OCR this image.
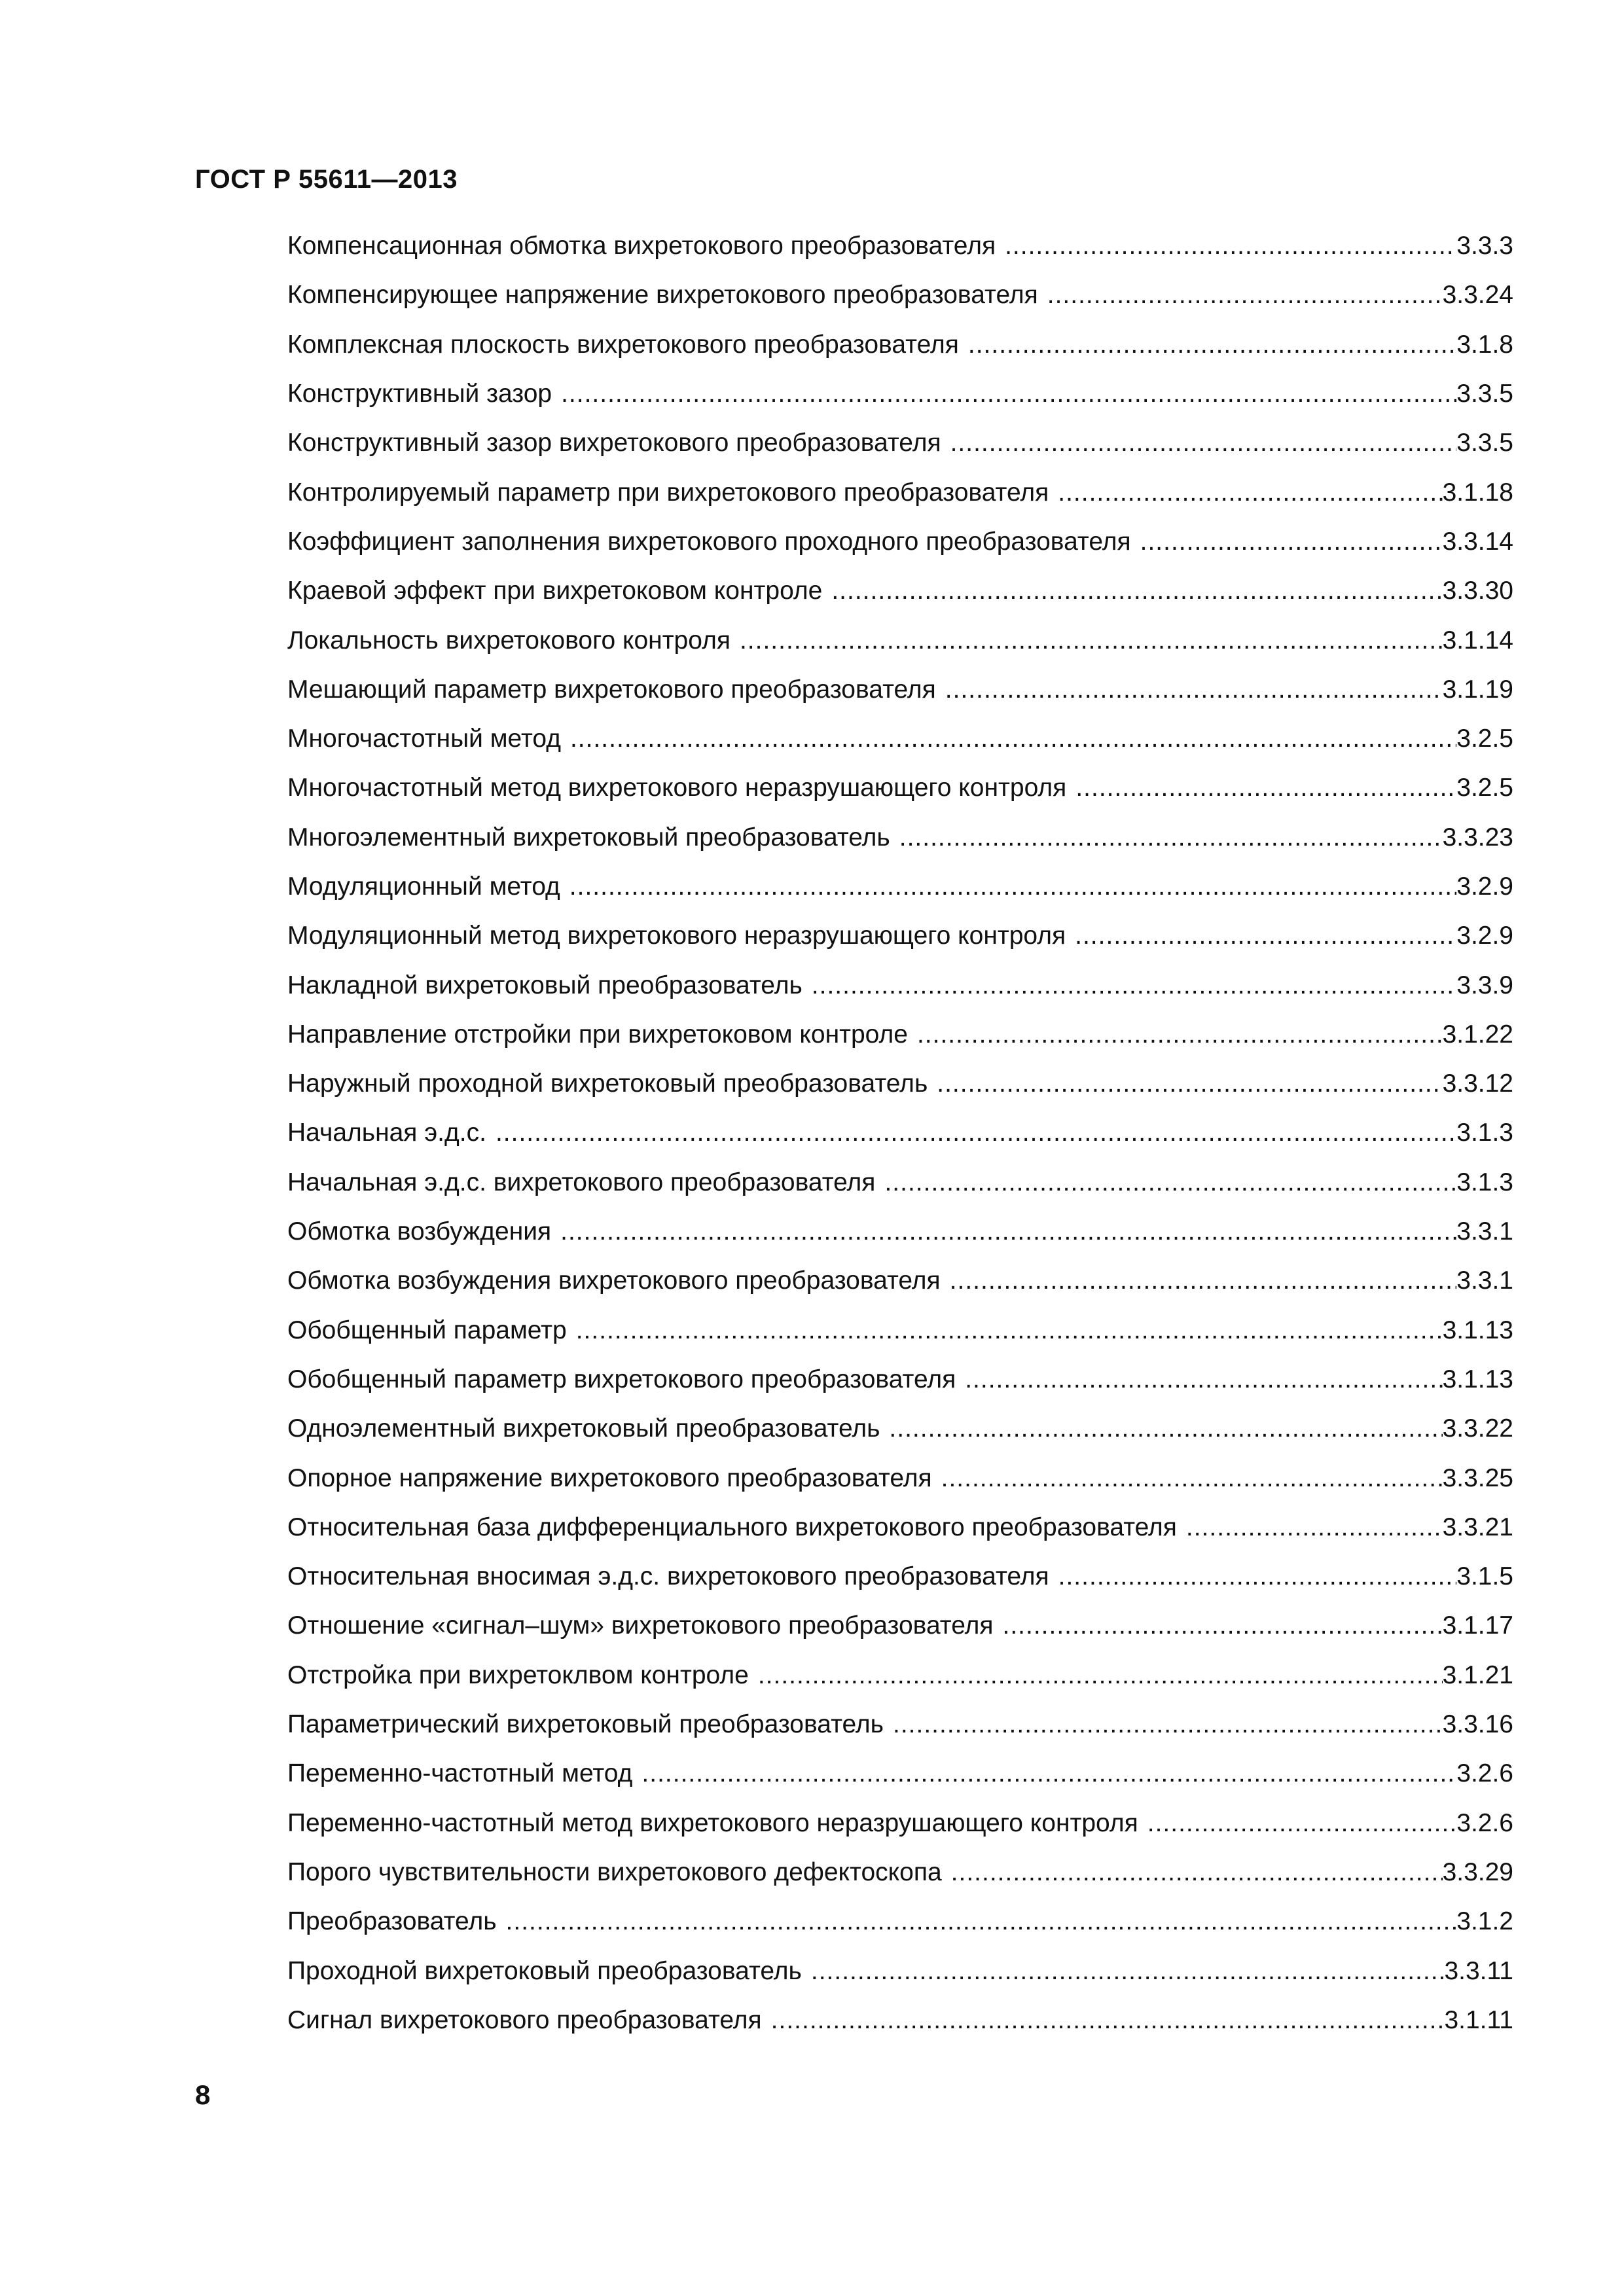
ГОСТ Р 55611—2013
Компенсационная обмотка вихретокового преобразователя .....	3.3.3
Компенсирующее напряжение вихретокового преобразователя .....	3.3.24
Комплексная плоскость вихретокового преобразователя .....	3.1.8
Конструктивный зазор .....	3.3.5
Конструктивный зазор вихретокового преобразователя .....	3.3.5
Контролируемый параметр при вихретокового преобразователя .....	3.1.18
Коэффициент заполнения вихретокового проходного преобразователя .....	3.3.14
Краевой эффект при вихретоковом контроле .....	3.3.30
Локальность вихретокового контроля .....	3.1.14
Мешающий параметр вихретокового преобразователя .....	3.1.19
Многочастотный метод .....	3.2.5
Многочастотный метод вихретокового неразрушающего контроля .....	3.2.5
Многоэлементный вихретоковый преобразователь .....	3.3.23
Модуляционный метод .....	3.2.9
Модуляционный метод вихретокового неразрушающего контроля .....	3.2.9
Накладной вихретоковый преобразователь .....	3.3.9
Направление отстройки при вихретоковом контроле .....	3.1.22
Наружный проходной вихретоковый преобразователь .....	3.3.12
Начальная э.д.с. .....	3.1.3
Начальная э.д.с. вихретокового преобразователя .....	3.1.3
Обмотка возбуждения .....	3.3.1
Обмотка возбуждения вихретокового преобразователя .....	3.3.1
Обобщенный параметр .....	3.1.13
Обобщенный параметр вихретокового преобразователя .....	3.1.13
Одноэлементный вихретоковый преобразователь .....	3.3.22
Опорное напряжение вихретокового преобразователя .....	3.3.25
Относительная база дифференциального вихретокового преобразователя .....	3.3.21
Относительная вносимая э.д.с. вихретокового преобразователя .....	3.1.5
Отношение «сигнал–шум» вихретокового преобразователя .....	3.1.17
Отстройка при вихретоклвом контроле .....	3.1.21
Параметрический вихретоковый преобразователь .....	3.3.16
Переменно-частотный метод .....	3.2.6
Переменно-частотный метод вихретокового неразрушающего контроля .....	3.2.6
Порого чувствительности вихретокового дефектоскопа .....	3.3.29
Преобразователь .....	3.1.2
Проходной вихретоковый преобразователь .....	3.3.11
Сигнал вихретокового преобразователя .....	3.1.11
8
